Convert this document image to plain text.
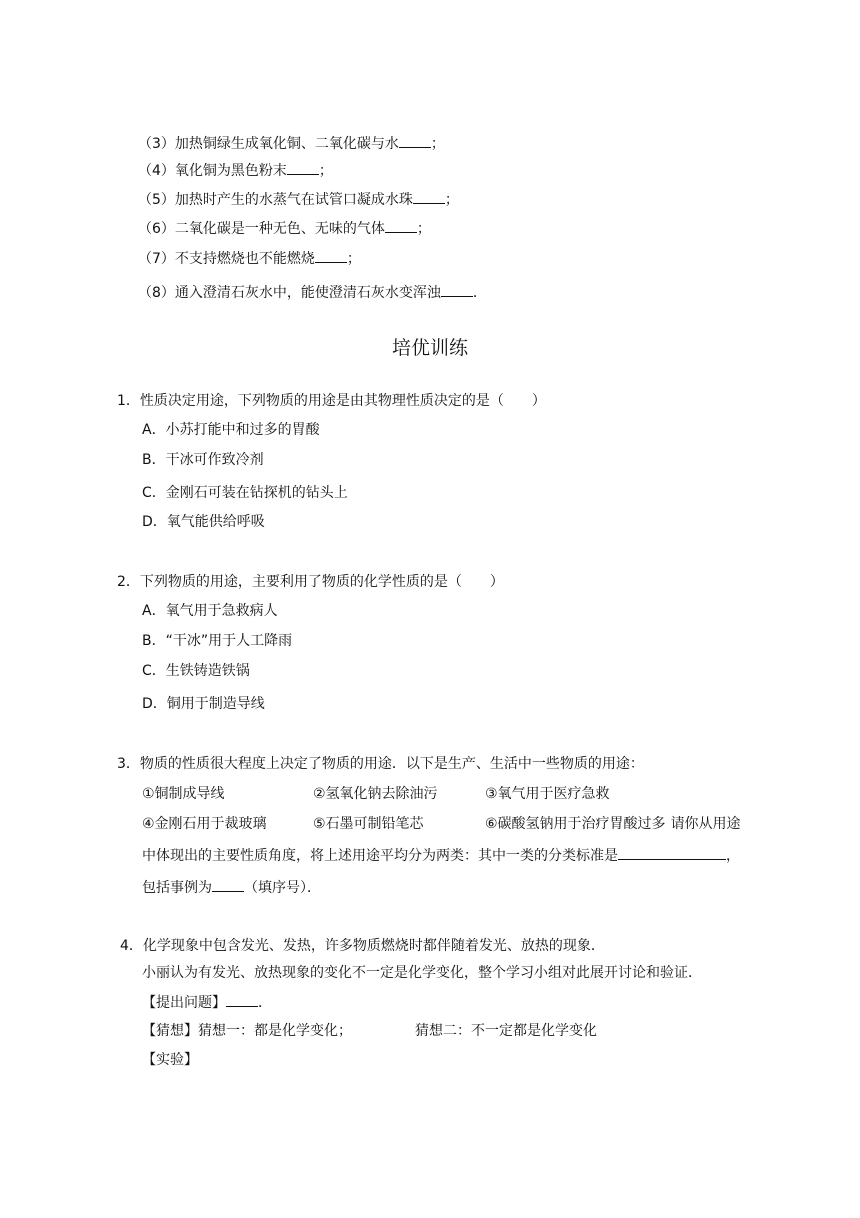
（3）加热铜绿生成氧化铜、二氧化碳与水 ；
（4）氧化铜为黑色粉末 ；
（5）加热时产生的水蒸气在试管口凝成水珠 ；
（6）二氧化碳是一种无色、无味的气体 ；
（7）不支持燃烧也不能燃烧 ；
（8）通入澄清石灰水中，能使澄清石灰水变浑浊 ．
培优训练
1．性质决定用途，下列物质的用途是由其物理性质决定的是（　　）
A．小苏打能中和过多的胃酸
B．干冰可作致冷剂
C．金刚石可装在钻探机的钻头上
D．氧气能供给呼吸
2．下列物质的用途，主要利用了物质的化学性质的是（　　）
A．氧气用于急救病人
B．“干冰”用于人工降雨
C．生铁铸造铁锅
D．铜用于制造导线
3．物质的性质很大程度上决定了物质的用途．以下是生产、生活中一些物质的用途：
①铜制成导线	②氢氧化钠去除油污	③氧气用于医疗急救
④金刚石用于裁玻璃	⑤石墨可制铅笔芯	⑥碳酸氢钠用于治疗胃酸过多 请你从用途
中体现出的主要性质角度，将上述用途平均分为两类：其中一类的分类标准是	，
包括事例为 （填序号）．
4．化学现象中包含发光、发热，许多物质燃烧时都伴随着发光、放热的现象．
小丽认为有发光、放热现象的变化不一定是化学变化，整个学习小组对此展开讨论和验证．
【提出问题】 ．
【猜想】猜想一：都是化学变化；	猜想二：不一定都是化学变化
【实验】
